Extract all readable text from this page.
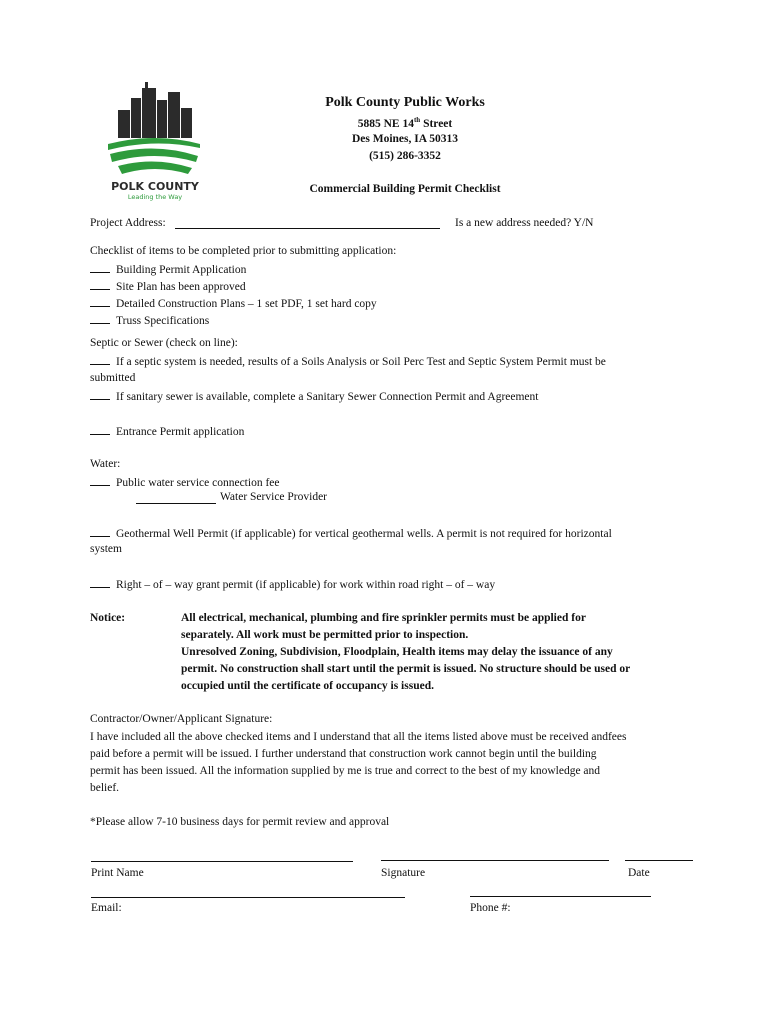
POLK COUNTY
Leading the Way
Polk County Public Works
5885 NE 14th Street
Des Moines, IA 50313
(515) 286-3352
Commercial Building Permit Checklist
Project Address:	Is a new address needed? Y/N
Checklist of items to be completed prior to submitting application:
Building Permit Application
Site Plan has been approved
Detailed Construction Plans – 1 set PDF, 1 set hard copy
Truss Specifications
Septic or Sewer (check on line):
If a septic system is needed, results of a Soils Analysis or Soil Perc Test and Septic System Permit must be
submitted
If sanitary sewer is available, complete a Sanitary Sewer Connection Permit and Agreement
Entrance Permit application
Water:
Public water service connection fee
Water Service Provider
Geothermal Well Permit (if applicable) for vertical geothermal wells. A permit is not required for horizontal
system
Right – of – way grant permit (if applicable) for work within road right – of – way
Notice:	All electrical, mechanical, plumbing and fire sprinkler permits must be applied for
separately. All work must be permitted prior to inspection.
Unresolved Zoning, Subdivision, Floodplain, Health items may delay the issuance of any
permit. No construction shall start until the permit is issued. No structure should be used or
occupied until the certificate of occupancy is issued.
Contractor/Owner/Applicant Signature:
I have included all the above checked items and I understand that all the items listed above must be received andfees
paid before a permit will be issued. I further understand that construction work cannot begin until the building
permit has been issued. All the information supplied by me is true and correct to the best of my knowledge and
belief.
*Please allow 7-10 business days for permit review and approval
Print Name	Signature	Date
Email:	Phone #:
